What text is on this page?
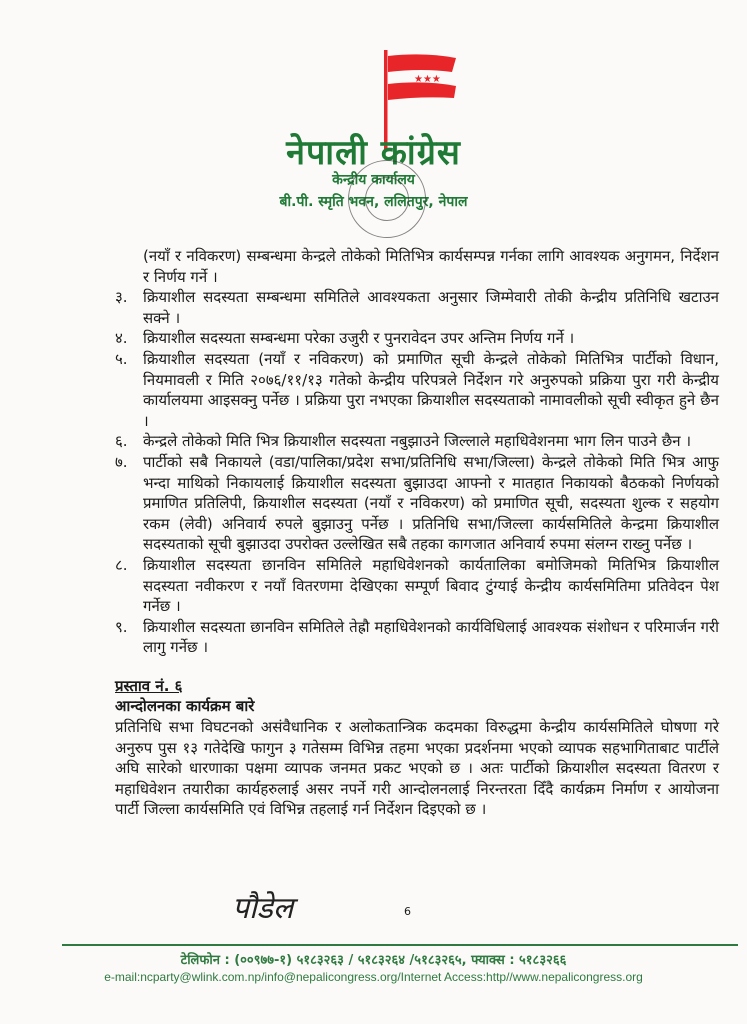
★★★
नेपाली कांग्रेस
केन्द्रीय कार्यालय
बी.पी. स्मृति भवन, ललितपुर, नेपाल
(नयाँ र नविकरण) सम्बन्धमा केन्द्रले तोकेको मितिभित्र कार्यसम्पन्न गर्नका लागि आवश्यक अनुगमन, निर्देशन र निर्णय गर्ने ।
३.	क्रियाशील सदस्यता सम्बन्धमा समितिले आवश्यकता अनुसार जिम्मेवारी तोकी केन्द्रीय प्रतिनिधि खटाउन सक्ने ।
४.	क्रियाशील सदस्यता सम्बन्धमा परेका उजुरी र पुनरावेदन उपर अन्तिम निर्णय गर्ने ।
५.	क्रियाशील सदस्यता (नयाँ र नविकरण) को प्रमाणित सूची केन्द्रले तोकेको मितिभित्र पार्टीको विधान, नियमावली र मिति २०७६/११/१३ गतेको केन्द्रीय परिपत्रले निर्देशन गरे अनुरुपको प्रक्रिया पुरा गरी केन्द्रीय कार्यालयमा आइसक्नु पर्नेछ । प्रक्रिया पुरा नभएका क्रियाशील सदस्यताको नामावलीको सूची स्वीकृत हुने छैन ।
६.	केन्द्रले तोकेको मिति भित्र क्रियाशील सदस्यता नबुझाउने जिल्लाले महाधिवेशनमा भाग लिन पाउने छैन ।
७.	पार्टीको सबै निकायले (वडा/पालिका/प्रदेश सभा/प्रतिनिधि सभा/जिल्ला) केन्द्रले तोकेको मिति भित्र आफु भन्दा माथिको निकायलाई क्रियाशील सदस्यता बुझाउदा आफ्नो र मातहात निकायको बैठकको निर्णयको प्रमाणित प्रतिलिपी, क्रियाशील सदस्यता (नयाँ र नविकरण) को प्रमाणित सूची, सदस्यता शुल्क र सहयोग रकम (लेवी) अनिवार्य रुपले बुझाउनु पर्नेछ । प्रतिनिधि सभा/जिल्ला कार्यसमितिले केन्द्रमा क्रियाशील सदस्यताको सूची बुझाउदा उपरोक्त उल्लेखित सबै तहका कागजात अनिवार्य रुपमा संलग्न राख्नु पर्नेछ ।
८.	क्रियाशील सदस्यता छानविन समितिले महाधिवेशनको कार्यतालिका बमोजिमको मितिभित्र क्रियाशील सदस्यता नवीकरण र नयाँ वितरणमा देखिएका सम्पूर्ण बिवाद टुंग्याई केन्द्रीय कार्यसमितिमा प्रतिवेदन पेश गर्नेछ ।
९.	क्रियाशील सदस्यता छानविन समितिले तेह्रौ महाधिवेशनको कार्यविधिलाई आवश्यक संशोधन र परिमार्जन गरी लागु गर्नेछ ।
प्रस्ताव नं. ६
आन्दोलनका कार्यक्रम बारे

प्रतिनिधि सभा विघटनको असंवैधानिक र अलोकतान्त्रिक कदमका विरुद्धमा केन्द्रीय कार्यसमितिले घोषणा गरे अनुरुप पुस १३ गतेदेखि फागुन ३ गतेसम्म विभिन्न तहमा भएका प्रदर्शनमा भएको व्यापक सहभागिताबाट पार्टीले अघि सारेको धारणाका पक्षमा व्यापक जनमत प्रकट भएको छ । अतः पार्टीको क्रियाशील सदस्यता वितरण र महाधिवेशन तयारीका कार्यहरुलाई असर नपर्ने गरी आन्दोलनलाई निरन्तरता दिँदै कार्यक्रम निर्माण र आयोजना पार्टी जिल्ला कार्यसमिति एवं विभिन्न तहलाई गर्न निर्देशन दिइएको छ ।

पौडेल	6
टेलिफोन : (००९७७-१) ५१८३२६३ / ५१८३२६४ /५१८३२६५, फ्याक्स : ५१८३२६६
e-mail:ncparty@wlink.com.np/info@nepalicongress.org/Internet Access:http//www.nepalicongress.org
